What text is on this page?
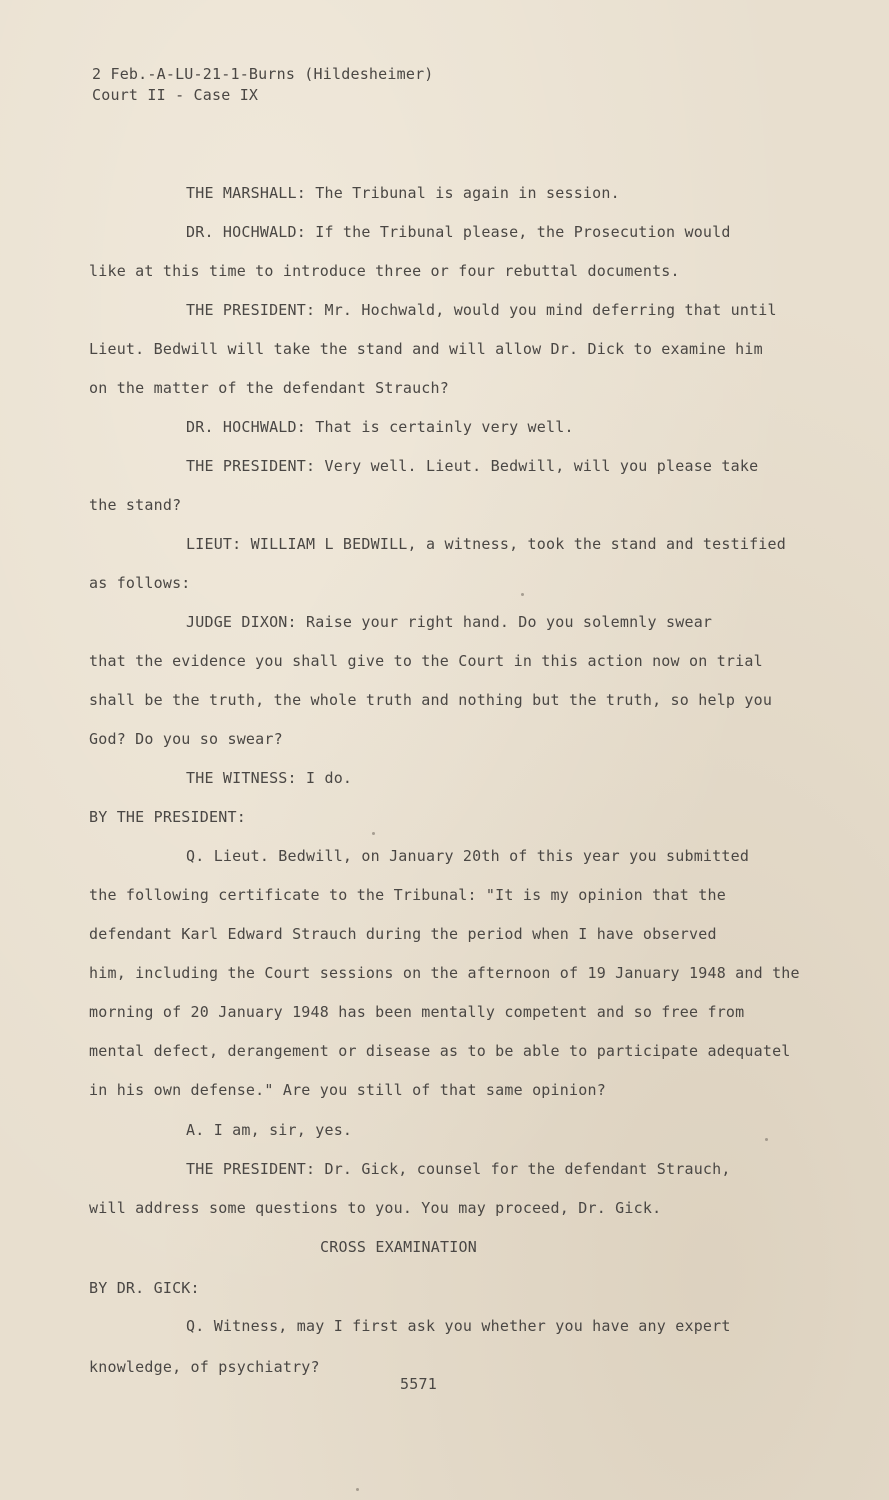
2 Feb.-A-LU-21-1-Burns (Hildesheimer)
Court II - Case IX
THE MARSHALL: The Tribunal is again in session.
DR. HOCHWALD: If the Tribunal please, the Prosecution would
like at this time to introduce three or four rebuttal documents.
THE PRESIDENT: Mr. Hochwald, would you mind deferring that until
Lieut. Bedwill will take the stand and will allow Dr. Dick to examine him
on the matter of the defendant Strauch?
DR. HOCHWALD: That is certainly very well.
THE PRESIDENT: Very well. Lieut. Bedwill, will you please take
the stand?
LIEUT: WILLIAM L BEDWILL, a witness, took the stand and testified
as follows:
JUDGE DIXON: Raise your right hand. Do you solemnly swear
that the evidence you shall give to the Court in this action now on trial
shall be the truth, the whole truth and nothing but the truth, so help you
God? Do you so swear?
THE WITNESS: I do.
BY THE PRESIDENT:
Q. Lieut. Bedwill, on January 20th of this year you submitted
the following certificate to the Tribunal: "It is my opinion that the
defendant Karl Edward Strauch during the period when I have observed
him, including the Court sessions on the afternoon of 19 January 1948 and the
morning of 20 January 1948 has been mentally competent and so free from
mental defect, derangement or disease as to be able to participate adequatel
in his own defense." Are you still of that same opinion?
A. I am, sir, yes.
THE PRESIDENT: Dr. Gick, counsel for the defendant Strauch,
will address some questions to you. You may proceed, Dr. Gick.
CROSS EXAMINATION
BY DR. GICK:
Q. Witness, may I first ask you whether you have any expert
knowledge, of psychiatry?
5571
